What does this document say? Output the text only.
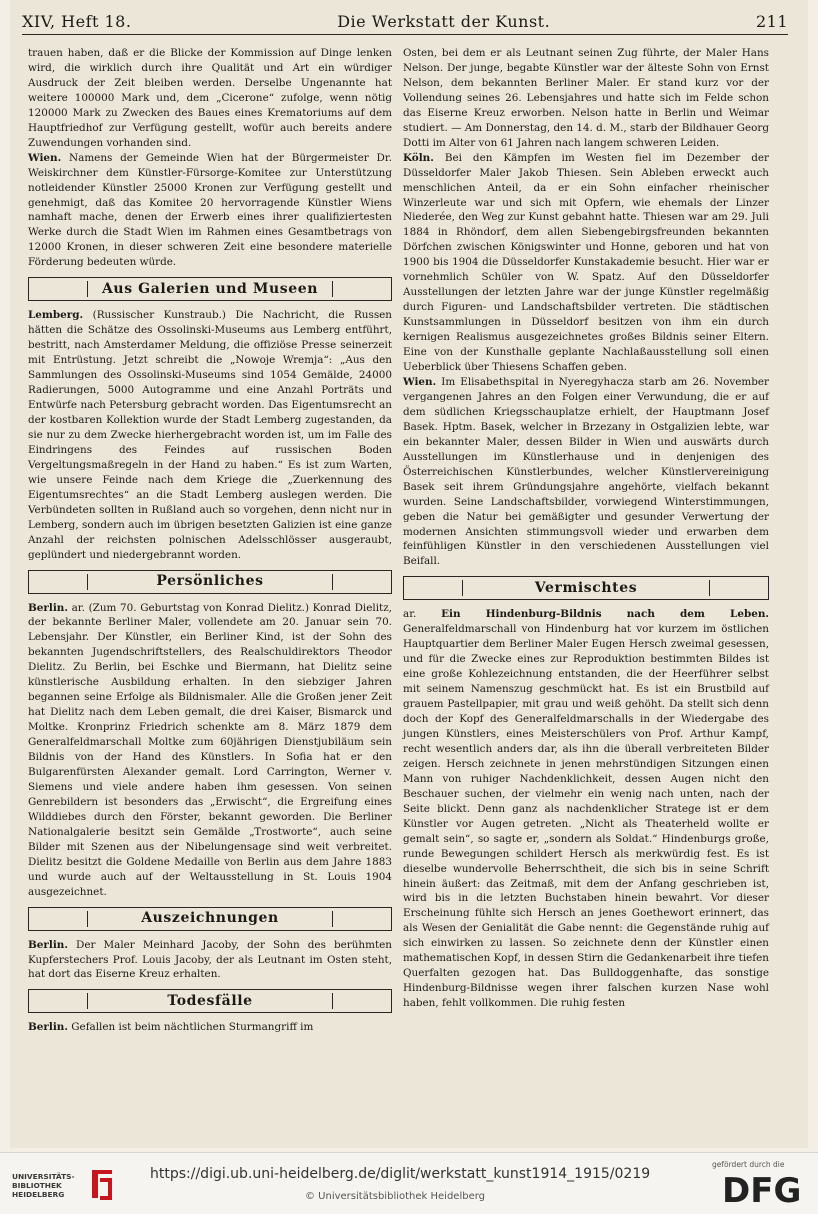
XIV, Heft 18.	Die Werkstatt der Kunst.	211

trauen haben, daß er die Blicke der Kommission auf Dinge lenken wird, die wirklich durch ihre Qualität und Art ein würdiger Ausdruck der Zeit bleiben werden. Derselbe Ungenannte hat weitere 100000 Mark und, dem „Cicerone“ zufolge, wenn nötig 120000 Mark zu Zwecken des Baues eines Krematoriums auf dem Hauptfriedhof zur Verfügung gestellt, wofür auch bereits andere Zuwendungen vorhanden sind.

Wien. Namens der Gemeinde Wien hat der Bürgermeister Dr. Weiskirchner dem Künstler-Fürsorge-Komitee zur Unterstützung notleidender Künstler 25000 Kronen zur Verfügung gestellt und genehmigt, daß das Komitee 20 hervorragende Künstler Wiens namhaft mache, denen der Erwerb eines ihrer qualifiziertesten Werke durch die Stadt Wien im Rahmen eines Gesamtbetrags von 12000 Kronen, in dieser schweren Zeit eine besondere materielle Förderung bedeuten würde.

Aus Galerien und Museen

Lemberg. (Russischer Kunstraub.) Die Nachricht, die Russen hätten die Schätze des Ossolinski-Museums aus Lemberg entführt, bestritt, nach Amsterdamer Meldung, die offiziöse Presse seinerzeit mit Entrüstung. Jetzt schreibt die „Nowoje Wremja“: „Aus den Sammlungen des Ossolinski-Museums sind 1054 Gemälde, 24000 Radierungen, 5000 Autogramme und eine Anzahl Porträts und Entwürfe nach Petersburg gebracht worden. Das Eigentumsrecht an der kostbaren Kollektion wurde der Stadt Lemberg zugestanden, da sie nur zu dem Zwecke hierhergebracht worden ist, um im Falle des Eindringens des Feindes auf russischen Boden Vergeltungsmaßregeln in der Hand zu haben.“ Es ist zum Warten, wie unsere Feinde nach dem Kriege die „Zuerkennung des Eigentumsrechtes“ an die Stadt Lemberg auslegen werden. Die Verbündeten sollten in Rußland auch so vorgehen, denn nicht nur in Lemberg, sondern auch im übrigen besetzten Galizien ist eine ganze Anzahl der reichsten polnischen Adelsschlösser ausgeraubt, geplündert und niedergebrannt worden.

Persönliches

Berlin. ar. (Zum 70. Geburtstag von Konrad Dielitz.) Konrad Dielitz, der bekannte Berliner Maler, vollendete am 20. Januar sein 70. Lebensjahr. Der Künstler, ein Berliner Kind, ist der Sohn des bekannten Jugendschriftstellers, des Realschuldirektors Theodor Dielitz. Zu Berlin, bei Eschke und Biermann, hat Dielitz seine künstlerische Ausbildung erhalten. In den siebziger Jahren begannen seine Erfolge als Bildnismaler. Alle die Großen jener Zeit hat Dielitz nach dem Leben gemalt, die drei Kaiser, Bismarck und Moltke. Kronprinz Friedrich schenkte am 8. März 1879 dem Generalfeldmarschall Moltke zum 60jährigen Dienstjubiläum sein Bildnis von der Hand des Künstlers. In Sofia hat er den Bulgarenfürsten Alexander gemalt. Lord Carrington, Werner v. Siemens und viele andere haben ihm gesessen. Von seinen Genrebildern ist besonders das „Erwischt“, die Ergreifung eines Wilddiebes durch den Förster, bekannt geworden. Die Berliner Nationalgalerie besitzt sein Gemälde „Trostworte“, auch seine Bilder mit Szenen aus der Nibelungensage sind weit verbreitet. Dielitz besitzt die Goldene Medaille von Berlin aus dem Jahre 1883 und wurde auch auf der Weltausstellung in St. Louis 1904 ausgezeichnet.

Auszeichnungen

Berlin. Der Maler Meinhard Jacoby, der Sohn des berühmten Kupferstechers Prof. Louis Jacoby, der als Leutnant im Osten steht, hat dort das Eiserne Kreuz erhalten.

Todesfälle

Berlin. Gefallen ist beim nächtlichen Sturmangriff im

Osten, bei dem er als Leutnant seinen Zug führte, der Maler Hans Nelson. Der junge, begabte Künstler war der älteste Sohn von Ernst Nelson, dem bekannten Berliner Maler. Er stand kurz vor der Vollendung seines 26. Lebensjahres und hatte sich im Felde schon das Eiserne Kreuz erworben. Nelson hatte in Berlin und Weimar studiert. — Am Donnerstag, den 14. d. M., starb der Bildhauer Georg Dotti im Alter von 61 Jahren nach langem schweren Leiden.

Köln. Bei den Kämpfen im Westen fiel im Dezember der Düsseldorfer Maler Jakob Thiesen. Sein Ableben erweckt auch menschlichen Anteil, da er ein Sohn einfacher rheinischer Winzerleute war und sich mit Opfern, wie ehemals der Linzer Niederée, den Weg zur Kunst gebahnt hatte. Thiesen war am 29. Juli 1884 in Rhöndorf, dem allen Siebengebirgsfreunden bekannten Dörfchen zwischen Königswinter und Honne, geboren und hat von 1900 bis 1904 die Düsseldorfer Kunstakademie besucht. Hier war er vornehmlich Schüler von W. Spatz. Auf den Düsseldorfer Ausstellungen der letzten Jahre war der junge Künstler regelmäßig durch Figuren- und Landschaftsbilder vertreten. Die städtischen Kunstsammlungen in Düsseldorf besitzen von ihm ein durch kernigen Realismus ausgezeichnetes großes Bildnis seiner Eltern. Eine von der Kunsthalle geplante Nachlaßausstellung soll einen Ueberblick über Thiesens Schaffen geben.

Wien. Im Elisabethspital in Nyeregyhacza starb am 26. November vergangenen Jahres an den Folgen einer Verwundung, die er auf dem südlichen Kriegsschauplatze erhielt, der Hauptmann Josef Basek. Hptm. Basek, welcher in Brzezany in Ostgalizien lebte, war ein bekannter Maler, dessen Bilder in Wien und auswärts durch Ausstellungen im Künstlerhause und in denjenigen des Österreichischen Künstlerbundes, welcher Künstlervereinigung Basek seit ihrem Gründungsjahre angehörte, vielfach bekannt wurden. Seine Landschaftsbilder, vorwiegend Winterstimmungen, geben die Natur bei gemäßigter und gesunder Verwertung der modernen Ansichten stimmungsvoll wieder und erwarben dem feinfühligen Künstler in den verschiedenen Ausstellungen viel Beifall.

Vermischtes

ar. Ein Hindenburg-Bildnis nach dem Leben. Generalfeldmarschall von Hindenburg hat vor kurzem im östlichen Hauptquartier dem Berliner Maler Eugen Hersch zweimal gesessen, und für die Zwecke eines zur Reproduktion bestimmten Bildes ist eine große Kohlezeichnung entstanden, die der Heerführer selbst mit seinem Namenszug geschmückt hat. Es ist ein Brustbild auf grauem Pastellpapier, mit grau und weiß gehöht. Da stellt sich denn doch der Kopf des Generalfeldmarschalls in der Wiedergabe des jungen Künstlers, eines Meisterschülers von Prof. Arthur Kampf, recht wesentlich anders dar, als ihn die überall verbreiteten Bilder zeigen. Hersch zeichnete in jenen mehrstündigen Sitzungen einen Mann von ruhiger Nachdenklichkeit, dessen Augen nicht den Beschauer suchen, der vielmehr ein wenig nach unten, nach der Seite blickt. Denn ganz als nachdenklicher Stratege ist er dem Künstler vor Augen getreten. „Nicht als Theaterheld wollte er gemalt sein“, so sagte er, „sondern als Soldat.“ Hindenburgs große, runde Bewegungen schildert Hersch als merkwürdig fest. Es ist dieselbe wundervolle Beherrschtheit, die sich bis in seine Schrift hinein äußert: das Zeitmaß, mit dem der Anfang geschrieben ist, wird bis in die letzten Buchstaben hinein bewahrt. Vor dieser Erscheinung fühlte sich Hersch an jenes Goethewort erinnert, das als Wesen der Genialität die Gabe nennt: die Gegenstände ruhig auf sich einwirken zu lassen. So zeichnete denn der Künstler einen mathematischen Kopf, in dessen Stirn die Gedankenarbeit ihre tiefen Querfalten gezogen hat. Das Bulldoggenhafte, das sonstige Hindenburg-Bildnisse wegen ihrer falschen kurzen Nase wohl haben, fehlt vollkommen. Die ruhig festen

UNIVERSITÄTS-
BIBLIOTHEK
HEIDELBERG
https://digi.ub.uni-heidelberg.de/diglit/werkstatt_kunst1914_1915/0219
© Universitätsbibliothek Heidelberg
gefördert durch die
DFG
